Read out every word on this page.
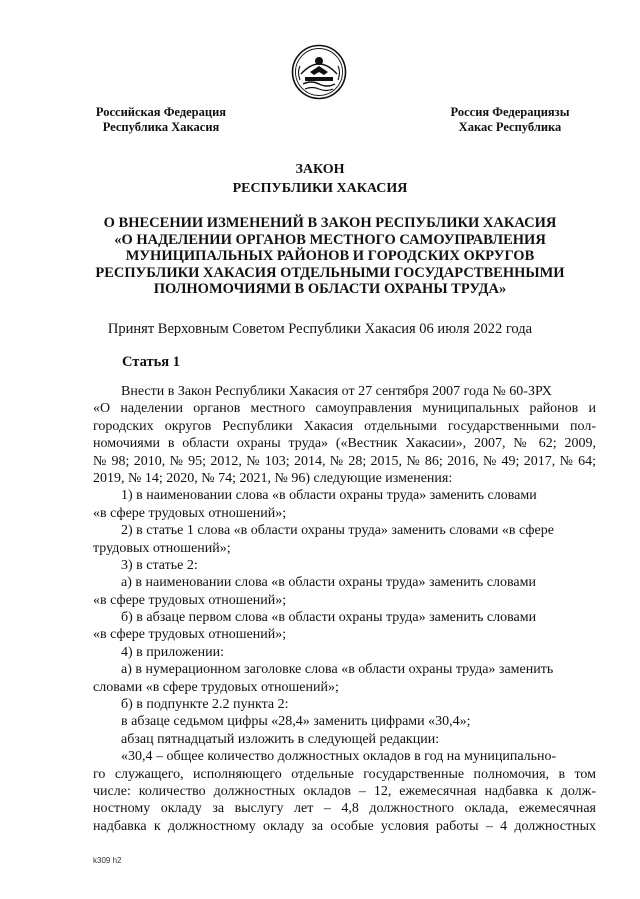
Российская Федерация
Республика Хакасия
Россия Федерациязы
Хакас Республика
ЗАКОН
РЕСПУБЛИКИ ХАКАСИЯ
О ВНЕСЕНИИ ИЗМЕНЕНИЙ В ЗАКОН РЕСПУБЛИКИ ХАКАСИЯ
«О НАДЕЛЕНИИ ОРГАНОВ МЕСТНОГО САМОУПРАВЛЕНИЯ
МУНИЦИПАЛЬНЫХ РАЙОНОВ И ГОРОДСКИХ ОКРУГОВ
РЕСПУБЛИКИ ХАКАСИЯ ОТДЕЛЬНЫМИ ГОСУДАРСТВЕННЫМИ
ПОЛНОМОЧИЯМИ В ОБЛАСТИ ОХРАНЫ ТРУДА»
Принят Верховным Советом Республики Хакасия 06 июля 2022 года
Статья 1
Внести в Закон Республики Хакасия от 27 сентября 2007 года № 60-ЗРХ
«О наделении органов местного самоуправления муниципальных районов и
городских округов Республики Хакасия отдельными государственными пол-
номочиями в области охраны труда» («Вестник Хакасии», 2007, № 62; 2009,
№ 98; 2010, № 95; 2012, № 103; 2014, № 28; 2015, № 86; 2016, № 49; 2017, № 64;
2019, № 14; 2020, № 74; 2021, № 96) следующие изменения:
1) в наименовании слова «в области охраны труда» заменить словами
«в сфере трудовых отношений»;
2) в статье 1 слова «в области охраны труда» заменить словами «в сфере
трудовых отношений»;
3) в статье 2:
а) в наименовании слова «в области охраны труда» заменить словами
«в сфере трудовых отношений»;
б) в абзаце первом слова «в области охраны труда» заменить словами
«в сфере трудовых отношений»;
4) в приложении:
а) в нумерационном заголовке слова «в области охраны труда» заменить
словами «в сфере трудовых отношений»;
б) в подпункте 2.2 пункта 2:
в абзаце седьмом цифры «28,4» заменить цифрами «30,4»;
абзац пятнадцатый изложить в следующей редакции:
«30,4 – общее количество должностных окладов в год на муниципально-
го служащего, исполняющего отдельные государственные полномочия, в том
числе: количество должностных окладов – 12, ежемесячная надбавка к долж-
ностному окладу за выслугу лет – 4,8 должностного оклада, ежемесячная
надбавка к должностному окладу за особые условия работы – 4 должностных
k309 h2
